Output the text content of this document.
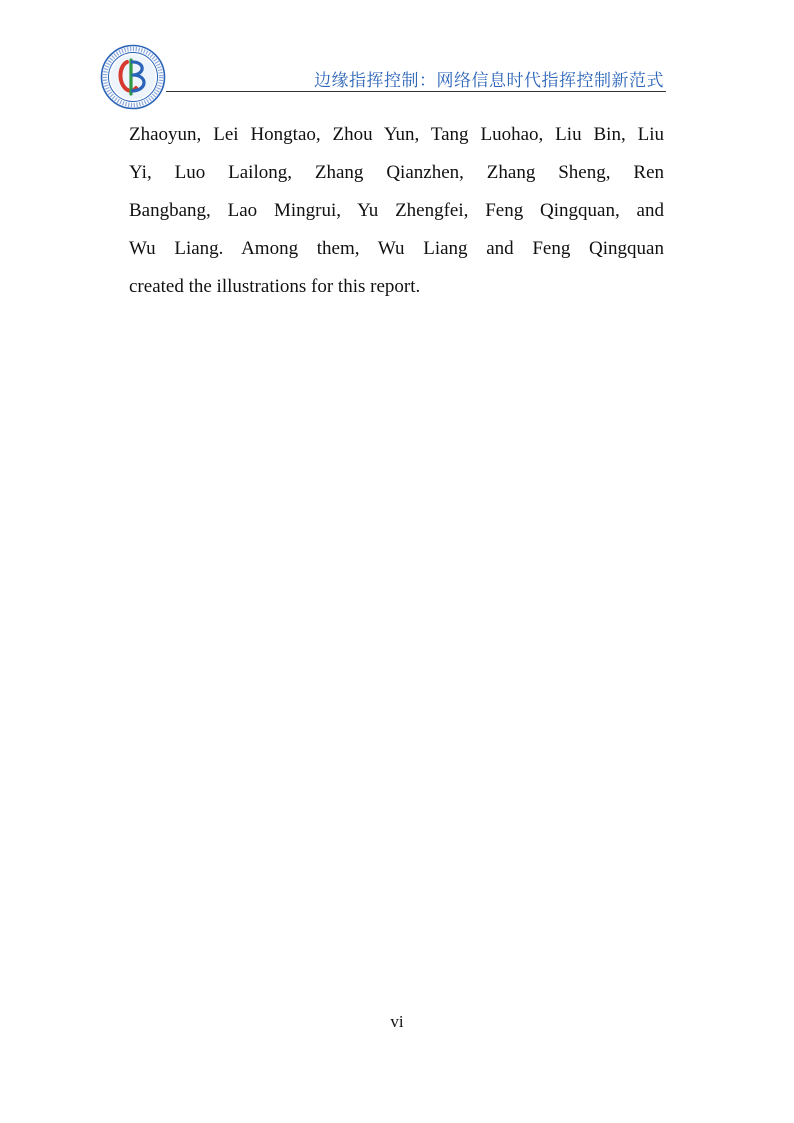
边缘指挥控制：网络信息时代指挥控制新范式
Zhaoyun, Lei Hongtao, Zhou Yun, Tang Luohao, Liu Bin, Liu
Yi, Luo Lailong, Zhang Qianzhen, Zhang Sheng, Ren
Bangbang, Lao Mingrui, Yu Zhengfei, Feng Qingquan, and
Wu Liang. Among them, Wu Liang and Feng Qingquan
created the illustrations for this report.
vi
